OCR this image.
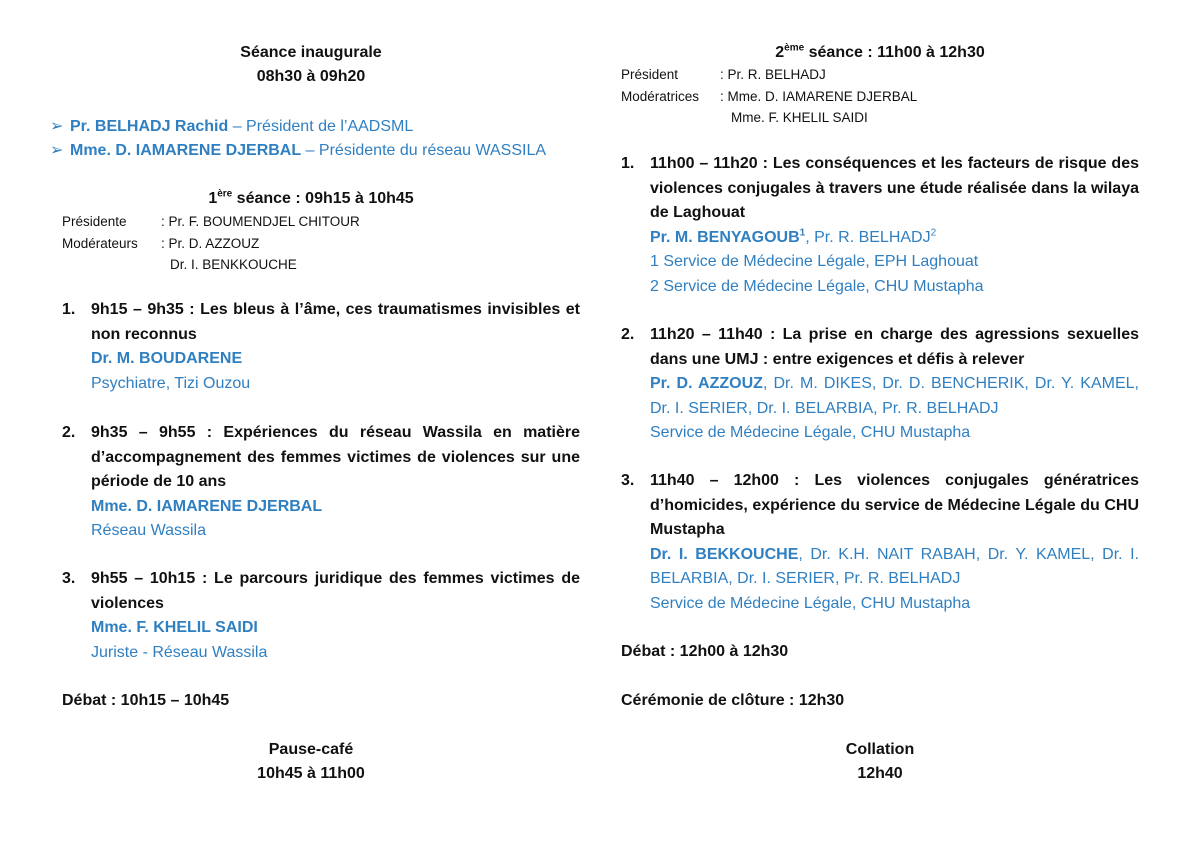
Séance inaugurale
08h30 à 09h20
➢ Pr. BELHADJ Rachid – Président de l’AADSML
➢ Mme. D. IAMARENE DJERBAL – Présidente du réseau WASSILA
1ère séance : 09h15 à 10h45
Présidente	: Pr. F. BOUMENDJEL CHITOUR
Modérateurs : Pr. D. AZZOUZ
Dr. I. BENKKOUCHE
1. 9h15 – 9h35 : Les bleus à l’âme, ces traumatismes invisibles et non reconnus
Dr. M. BOUDARENE
Psychiatre, Tizi Ouzou
2. 9h35 – 9h55 : Expériences du réseau Wassila en matière d’accompagnement des femmes victimes de violences sur une période de 10 ans
Mme. D. IAMARENE DJERBAL
Réseau Wassila
3. 9h55 – 10h15 : Le parcours juridique des femmes victimes de violences
Mme. F. KHELIL SAIDI
Juriste - Réseau Wassila
Débat : 10h15 – 10h45
Pause-café
10h45 à 11h00
2ème séance : 11h00 à 12h30
Président	: Pr. R. BELHADJ
Modératrices : Mme. D. IAMARENE DJERBAL
Mme. F. KHELIL SAIDI
1. 11h00 – 11h20 : Les conséquences et les facteurs de risque des violences conjugales à travers une étude réalisée dans la wilaya de Laghouat
Pr. M. BENYAGOUB$^1$, Pr. R. BELHADJ$^2$
1 Service de Médecine Légale, EPH Laghouat
2 Service de Médecine Légale, CHU Mustapha
2. 11h20 – 11h40 : La prise en charge des agressions sexuelles dans une UMJ : entre exigences et défis à relever
Pr. D. AZZOUZ, Dr. M. DIKES, Dr. D. BENCHERIK, Dr. Y. KAMEL, Dr. I. SERIER, Dr. I. BELARBIA, Pr. R. BELHADJ
Service de Médecine Légale, CHU Mustapha
3. 11h40 – 12h00 : Les violences conjugales génératrices d’homicides, expérience du service de Médecine Légale du CHU Mustapha
Dr. I. BEKKOUCHE, Dr. K.H. NAIT RABAH, Dr. Y. KAMEL, Dr. I. BELARBIA, Dr. I. SERIER, Pr. R. BELHADJ
Service de Médecine Légale, CHU Mustapha
Débat : 12h00 à 12h30
Cérémonie de clôture : 12h30
Collation
12h40
